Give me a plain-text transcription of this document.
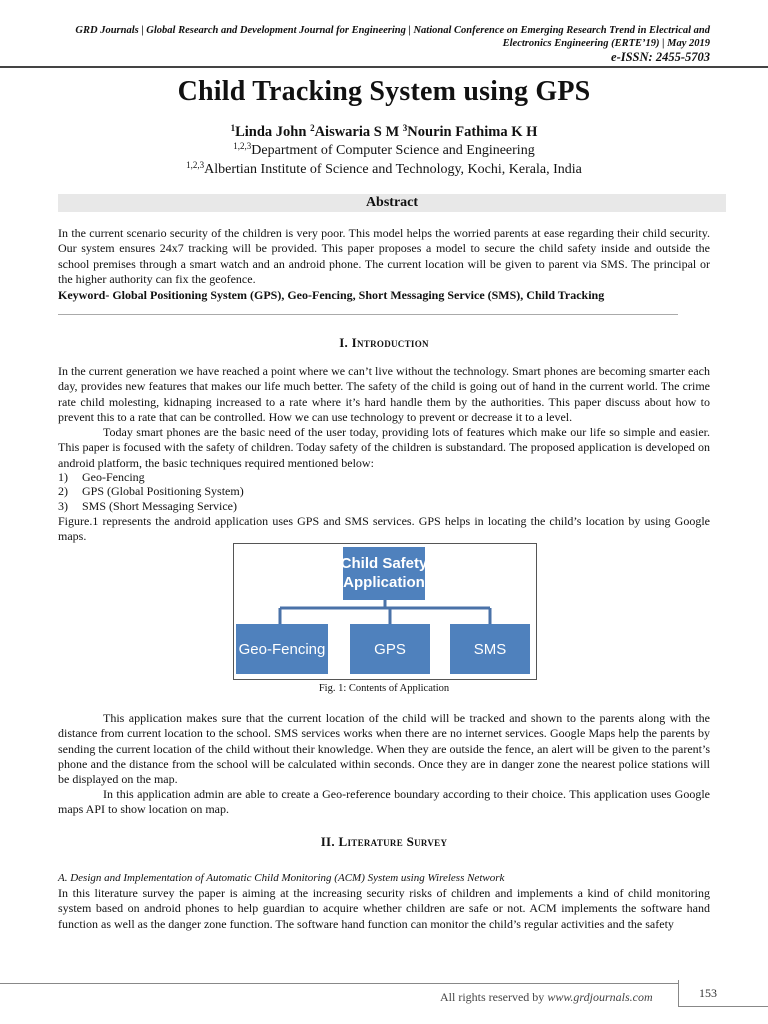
GRD Journals | Global Research and Development Journal for Engineering | National Conference on Emerging Research Trend in Electrical and
Electronics Engineering (ERTE’19) | May 2019
e-ISSN: 2455-5703
Child Tracking System using GPS
$^1$Linda John $^2$Aiswaria S M $^3$Nourin Fathima K H
$^{1,2,3}$Department of Computer Science and Engineering
$^{1,2,3}$Albertian Institute of Science and Technology, Kochi, Kerala, India
Abstract

In the current scenario security of the children is very poor. This model helps the worried parents at ease regarding their child security. Our system ensures 24x7 tracking will be provided. This paper proposes a model to secure the child safety inside and outside the school premises through a smart watch and an android phone. The current location will be given to parent via SMS. The principal or the higher authority can fix the geofence.

Keyword- Global Positioning System (GPS), Geo-Fencing, Short Messaging Service (SMS), Child Tracking

I. Introduction

In the current generation we have reached a point where we can’t live without the technology. Smart phones are becoming smarter each day, provides new features that makes our life much better. The safety of the child is going out of hand in the current world. The crime rate child molesting, kidnaping increased to a rate where it’s hard handle them by the authorities. This paper discuss about how to prevent this to a rate that can be controlled. How we can use technology to prevent or decrease it to a level.

Today smart phones are the basic need of the user today, providing lots of features which make our life so simple and easier. This paper is focused with the safety of children. Today safety of the children is substandard. The proposed application is developed on android platform, the basic techniques required mentioned below:

1) Geo-Fencing
2) GPS (Global Positioning System)
3) SMS (Short Messaging Service)

Figure.1 represents the android application uses GPS and SMS services. GPS helps in locating the child’s location by using Google maps.

Child Safety
Application
Geo-Fencing	GPS	SMS
Fig. 1: Contents of Application

This application makes sure that the current location of the child will be tracked and shown to the parents along with the distance from current location to the school. SMS services works when there are no internet services. Google Maps help the parents by sending the current location of the child without their knowledge. When they are outside the fence, an alert will be given to the parent’s phone and the distance from the school will be calculated within seconds. Once they are in danger zone the nearest police stations will be displayed on the map.

In this application admin are able to create a Geo-reference boundary according to their choice. This application uses Google maps API to show location on map.

II. Literature Survey
A. Design and Implementation of Automatic Child Monitoring (ACM) System using Wireless Network

In this literature survey the paper is aiming at the increasing security risks of children and implements a kind of child monitoring system based on android phones to help guardian to acquire whether children are safe or not. ACM implements the software hand function as well as the danger zone function. The software hand function can monitor the child’s regular activities and the safety

All rights reserved by www.grdjournals.com	153
